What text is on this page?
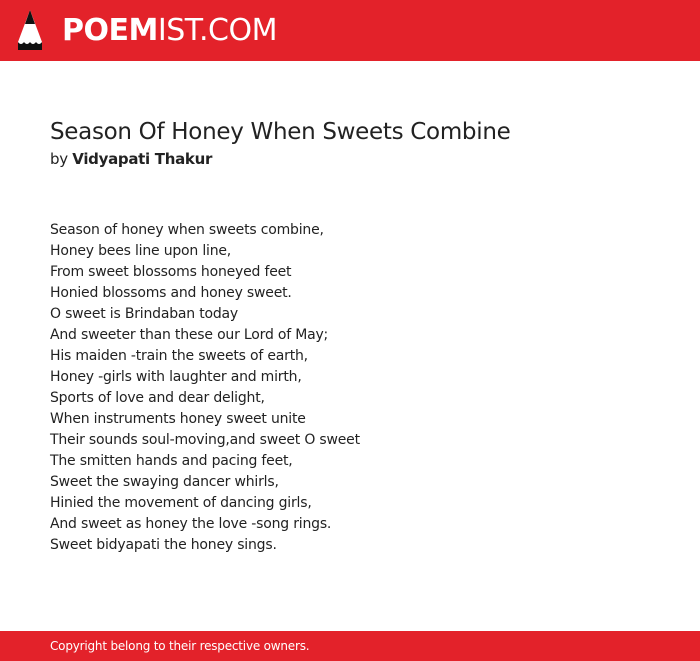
POEMIST.COM
Season Of Honey When Sweets Combine
by Vidyapati Thakur
Season of honey when sweets combine,
Honey bees line upon line,
From sweet blossoms honeyed feet
Honied blossoms and honey sweet.
O sweet is Brindaban today
And sweeter than these our Lord of May;
His maiden -train the sweets of earth,
Honey -girls with laughter and mirth,
Sports of love and dear delight,
When instruments honey sweet unite
Their sounds soul-moving,and sweet O sweet
The smitten hands and pacing feet,
Sweet the swaying dancer whirls,
Hinied the movement of dancing girls,
And sweet as honey the love -song rings.
Sweet bidyapati the honey sings.
Copyright belong to their respective owners.
